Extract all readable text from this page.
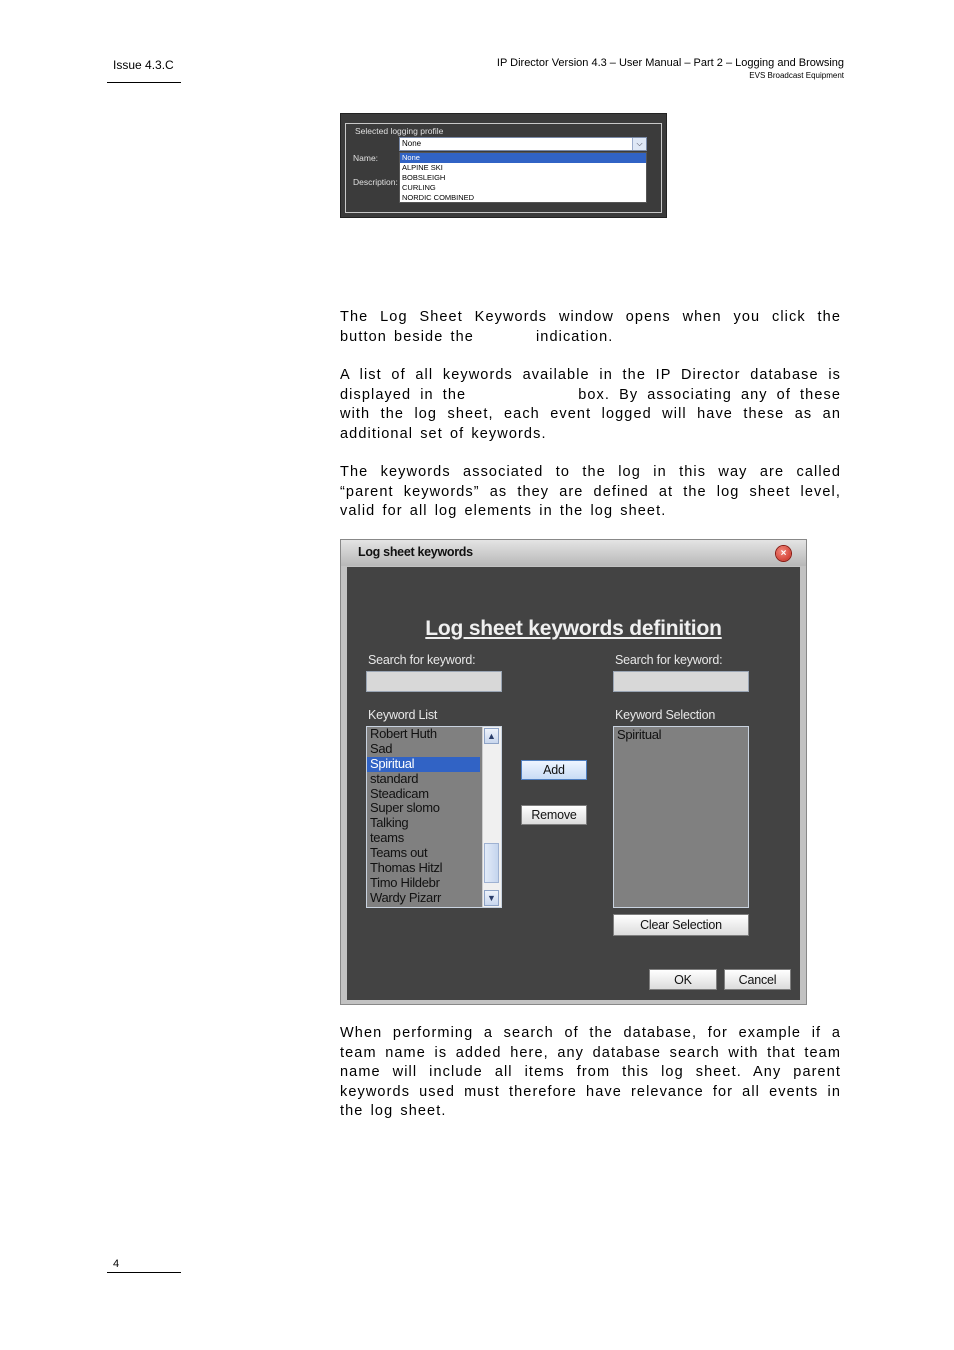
Issue 4.3.C	IP Director Version 4.3 – User Manual – Part 2 – Logging and Browsing
EVS Broadcast Equipment
Selected logging profile
Name:
Description:
None	⌵
None
ALPINE SKI
BOBSLEIGH
CURLING
NORDIC COMBINED
The Log Sheet Keywords window opens when you click the button beside the	indication.
A list of all keywords available in the IP Director database is displayed in the	box. By associating any of these with the log sheet, each event logged will have these as an additional set of keywords.
The keywords associated to the log in this way are called “parent keywords” as they are defined at the log sheet level, valid for all log elements in the log sheet.
Log sheet keywords	×
Log sheet keywords definition
Search for keyword:	Search for keyword:
Keyword List	Keyword Selection
Robert Huth
Sad
Spiritual
standard
Steadicam
Super slomo
Talking
teams
Teams out
Thomas Hitzl
Timo Hildebr
Wardy Pizarr
▲
▼
Add
Remove
Spiritual
Clear Selection
OK	Cancel
When performing a search of the database, for example if a team name is added here, any database search with that team name will include all items from this log sheet. Any parent keywords used must therefore have relevance for all events in the log sheet.
4
